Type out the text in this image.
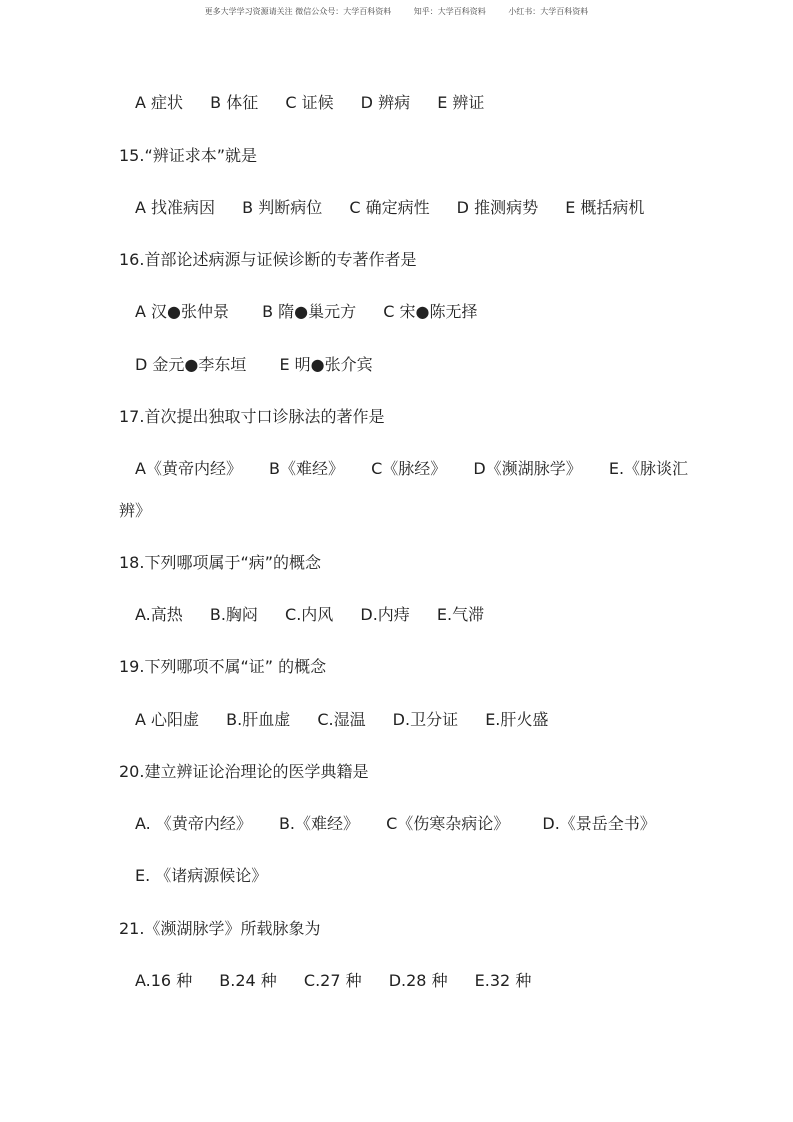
更多大学学习资源请关注 微信公众号：大学百科资料	知乎：大学百科资料	小红书：大学百科资料
A 症状 B 体征 C 证候 D 辨病 E 辨证
15.“辨证求本”就是
A 找准病因 B 判断病位 C 确定病性 D 推测病势 E 概括病机
16.首部论述病源与证候诊断的专著作者是
A 汉●张仲景 B 隋●巢元方 C 宋●陈无择
D 金元●李东垣 E 明●张介宾
17.首次提出独取寸口诊脉法的著作是
A《黄帝内经》 B《难经》 C《脉经》 D《濒湖脉学》 E.《脉谈汇
辨》
18.下列哪项属于“病”的概念
A.高热 B.胸闷 C.内风 D.内痔 E.气滞
19.下列哪项不属“证” 的概念
A 心阳虚 B.肝血虚 C.湿温 D.卫分证 E.肝火盛
20.建立辨证论治理论的医学典籍是
A. 《黄帝内经》 B.《难经》 C《伤寒杂病论》 D.《景岳全书》
E. 《诸病源候论》
21.《濒湖脉学》所载脉象为
A.16 种 B.24 种 C.27 种 D.28 种 E.32 种
